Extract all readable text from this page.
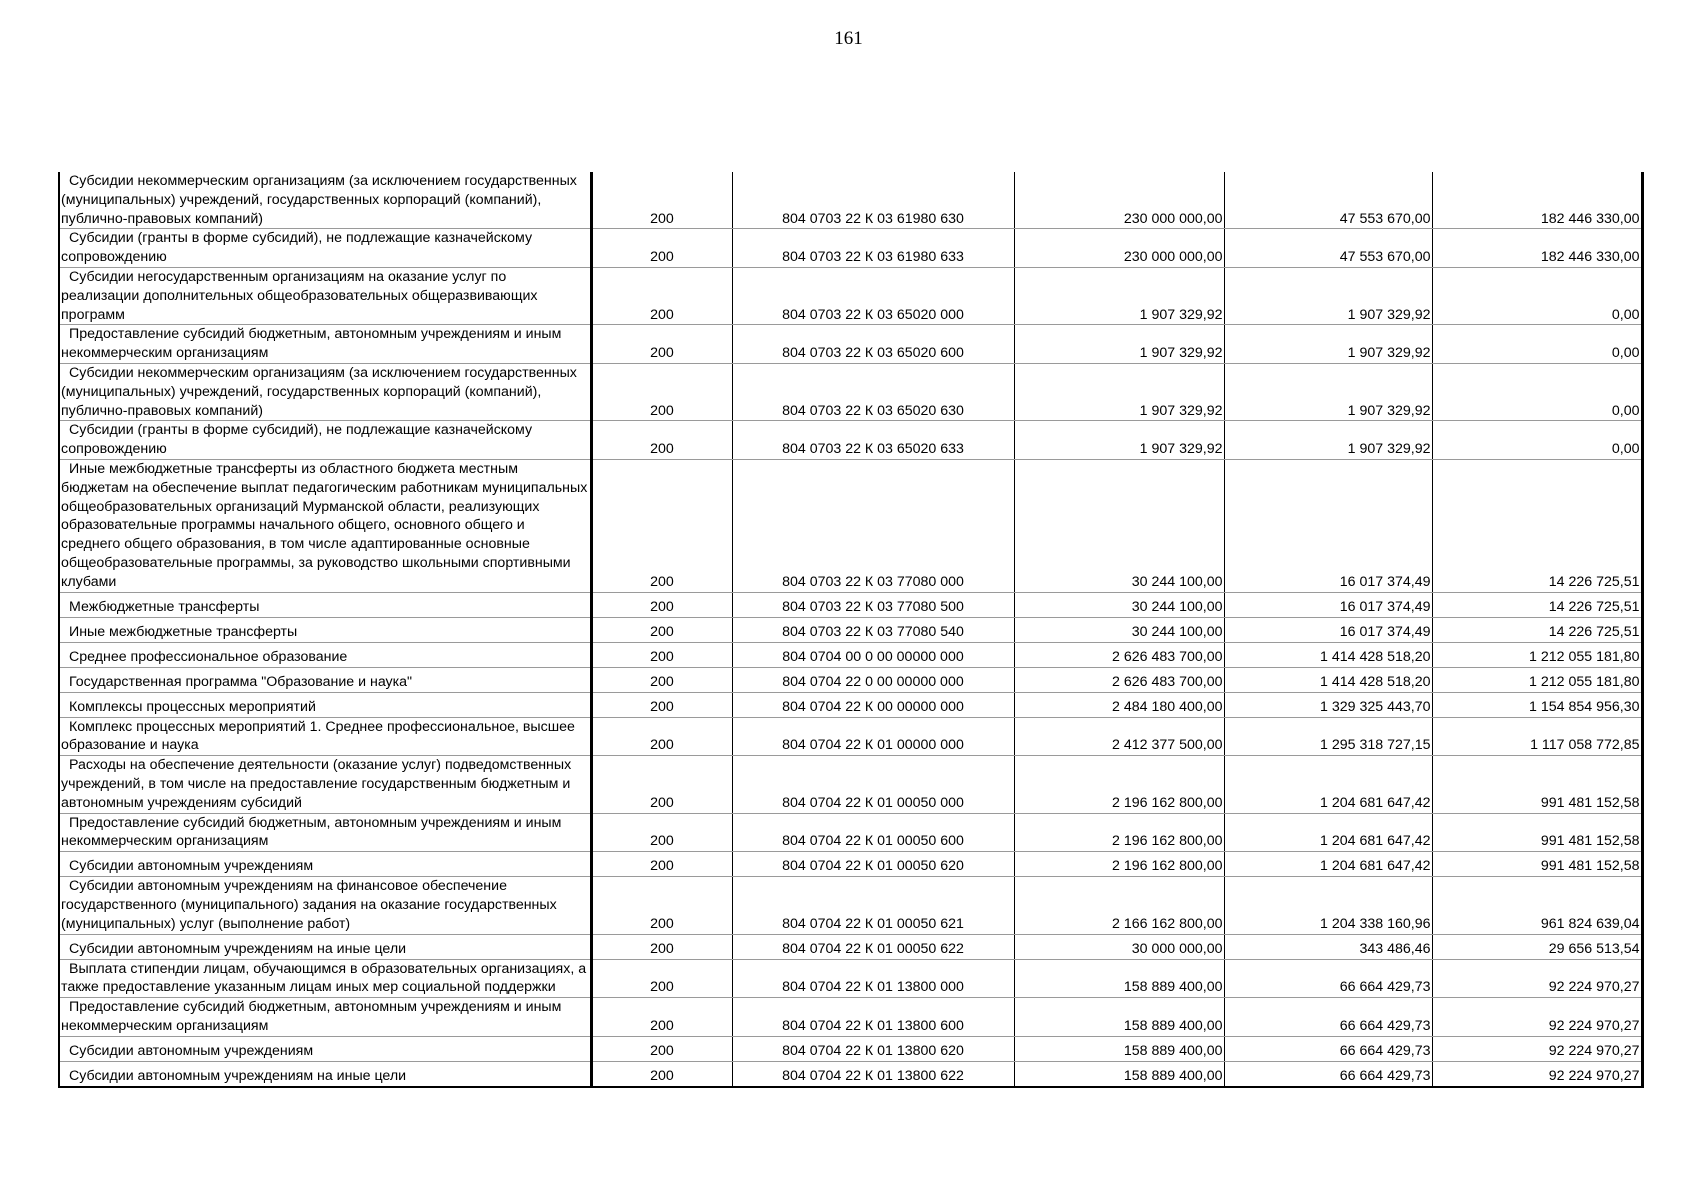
161
Субсидии некоммерческим организациям (за исключением государственных (муниципальных) учреждений, государственных корпораций (компаний), публично-правовых компаний)	200	804 0703 22 К 03 61980 630	230 000 000,00	47 553 670,00	182 446 330,00
Субсидии (гранты в форме субсидий), не подлежащие казначейскому сопровождению	200	804 0703 22 К 03 61980 633	230 000 000,00	47 553 670,00	182 446 330,00
Субсидии негосударственным организациям на оказание услуг по реализации дополнительных общеобразовательных общеразвивающих программ	200	804 0703 22 К 03 65020 000	1 907 329,92	1 907 329,92	0,00
Предоставление субсидий бюджетным, автономным учреждениям и иным некоммерческим организациям	200	804 0703 22 К 03 65020 600	1 907 329,92	1 907 329,92	0,00
Субсидии некоммерческим организациям (за исключением государственных (муниципальных) учреждений, государственных корпораций (компаний), публично-правовых компаний)	200	804 0703 22 К 03 65020 630	1 907 329,92	1 907 329,92	0,00
Субсидии (гранты в форме субсидий), не подлежащие казначейскому сопровождению	200	804 0703 22 К 03 65020 633	1 907 329,92	1 907 329,92	0,00
Иные межбюджетные трансферты из областного бюджета местным бюджетам на обеспечение выплат педагогическим работникам муниципальных общеобразовательных организаций Мурманской области, реализующих образовательные программы начального общего, основного общего и среднего общего образования, в том числе адаптированные основные общеобразовательные программы, за руководство школьными спортивными клубами	200	804 0703 22 К 03 77080 000	30 244 100,00	16 017 374,49	14 226 725,51
Межбюджетные трансферты	200	804 0703 22 К 03 77080 500	30 244 100,00	16 017 374,49	14 226 725,51
Иные межбюджетные трансферты	200	804 0703 22 К 03 77080 540	30 244 100,00	16 017 374,49	14 226 725,51
Среднее профессиональное образование	200	804 0704 00 0 00 00000 000	2 626 483 700,00	1 414 428 518,20	1 212 055 181,80
Государственная программа "Образование и наука"	200	804 0704 22 0 00 00000 000	2 626 483 700,00	1 414 428 518,20	1 212 055 181,80
Комплексы процессных мероприятий	200	804 0704 22 К 00 00000 000	2 484 180 400,00	1 329 325 443,70	1 154 854 956,30
Комплекс процессных мероприятий 1. Среднее профессиональное, высшее образование и наука	200	804 0704 22 К 01 00000 000	2 412 377 500,00	1 295 318 727,15	1 117 058 772,85
Расходы на обеспечение деятельности (оказание услуг) подведомственных учреждений, в том числе на предоставление государственным бюджетным и автономным учреждениям субсидий	200	804 0704 22 К 01 00050 000	2 196 162 800,00	1 204 681 647,42	991 481 152,58
Предоставление субсидий бюджетным, автономным учреждениям и иным некоммерческим организациям	200	804 0704 22 К 01 00050 600	2 196 162 800,00	1 204 681 647,42	991 481 152,58
Субсидии автономным учреждениям	200	804 0704 22 К 01 00050 620	2 196 162 800,00	1 204 681 647,42	991 481 152,58
Субсидии автономным учреждениям на финансовое обеспечение государственного (муниципального) задания на оказание государственных (муниципальных) услуг (выполнение работ)	200	804 0704 22 К 01 00050 621	2 166 162 800,00	1 204 338 160,96	961 824 639,04
Субсидии автономным учреждениям на иные цели	200	804 0704 22 К 01 00050 622	30 000 000,00	343 486,46	29 656 513,54
Выплата стипендии лицам, обучающимся в образовательных организациях, а также предоставление указанным лицам иных мер социальной поддержки	200	804 0704 22 К 01 13800 000	158 889 400,00	66 664 429,73	92 224 970,27
Предоставление субсидий бюджетным, автономным учреждениям и иным некоммерческим организациям	200	804 0704 22 К 01 13800 600	158 889 400,00	66 664 429,73	92 224 970,27
Субсидии автономным учреждениям	200	804 0704 22 К 01 13800 620	158 889 400,00	66 664 429,73	92 224 970,27
Субсидии автономным учреждениям на иные цели	200	804 0704 22 К 01 13800 622	158 889 400,00	66 664 429,73	92 224 970,27
